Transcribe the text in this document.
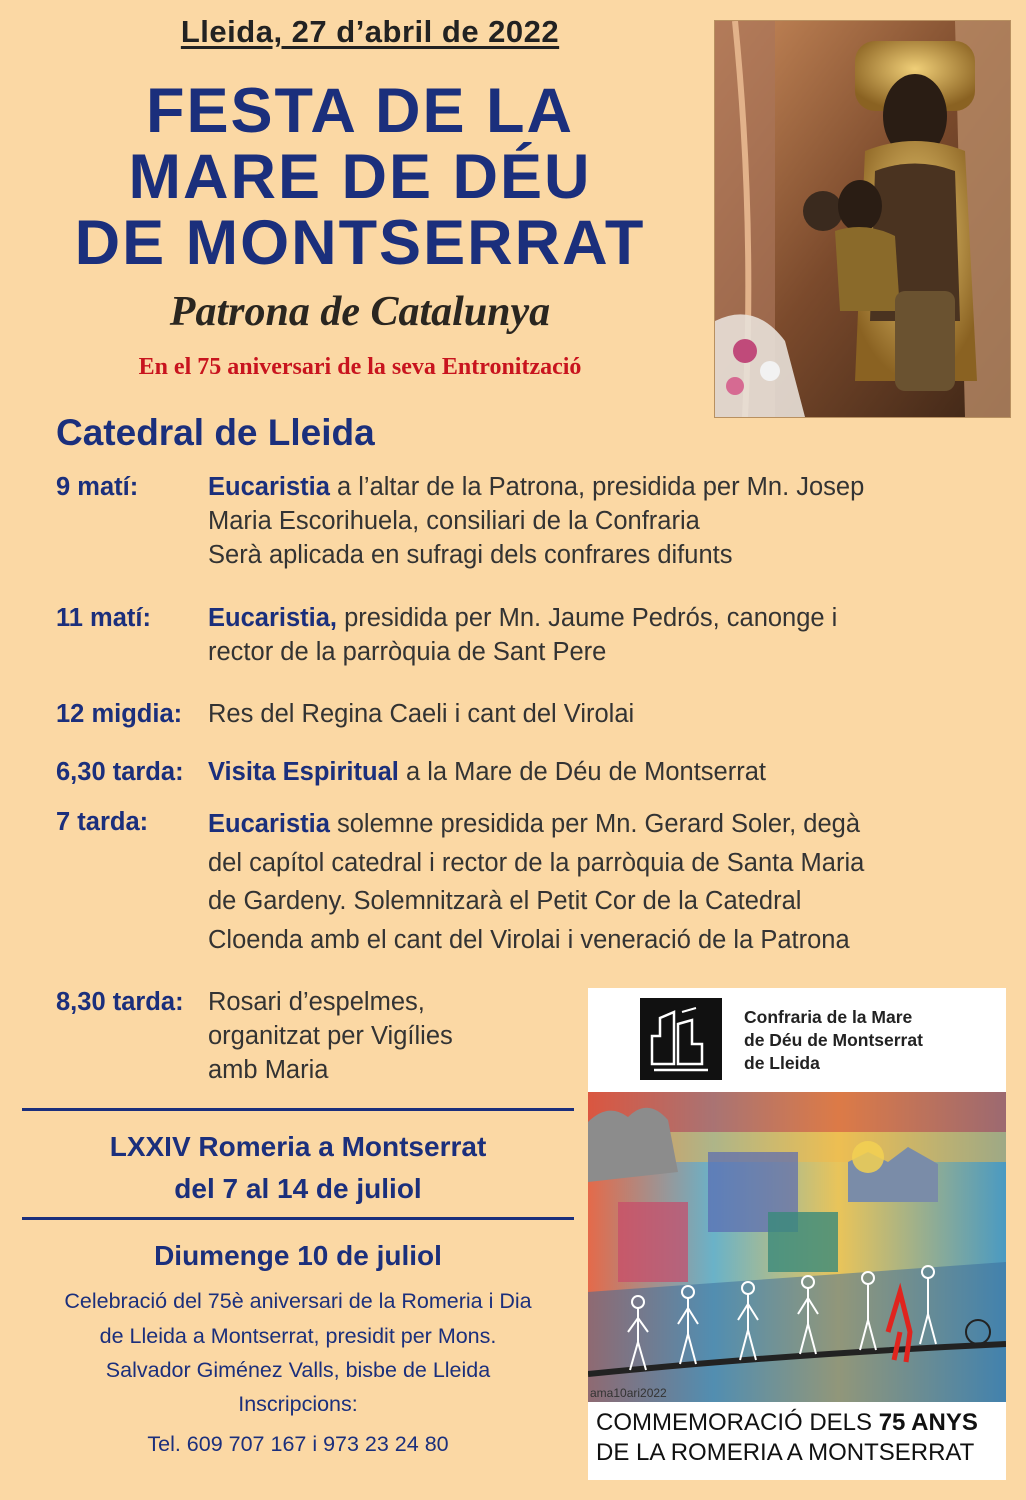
Lleida, 27 d’abril de 2022
FESTA DE LA
MARE DE DÉU
DE MONTSERRAT
Patrona de Catalunya
En el 75 aniversari de la seva Entronització
Catedral de Lleida
9 matí:	Eucaristia a l’altar de la Patrona, presidida per Mn. Josep
Maria Escorihuela, consiliari de la Confraria
Serà aplicada en sufragi dels confrares difunts
11 matí: Eucaristia, presidida per Mn. Jaume Pedrós, canonge i
rector de la parròquia de Sant Pere
12 migdia: Res del Regina Caeli i cant del Virolai
6,30 tarda: Visita Espiritual a la Mare de Déu de Montserrat
7 tarda: Eucaristia solemne presidida per Mn. Gerard Soler, degà
del capítol catedral i rector de la parròquia de Santa Maria
de Gardeny. Solemnitzarà el Petit Cor de la Catedral
Cloenda amb el cant del Virolai i veneració de la Patrona
8,30 tarda: Rosari d’espelmes,
organitzat per Vigílies
amb Maria
LXXIV Romeria a Montserrat
del 7 al 14 de juliol
Diumenge 10 de juliol
Celebració del 75è aniversari de la Romeria i Dia
de Lleida a Montserrat, presidit per Mons.
Salvador Giménez Valls, bisbe de Lleida
Inscripcions:
Tel. 609 707 167 i 973 23 24 80
Confraria de la Mare
de Déu de Montserrat
de Lleida
ama10ari2022
COMMEMORACIÓ DELS 75 ANYS
DE LA ROMERIA A MONTSERRAT
